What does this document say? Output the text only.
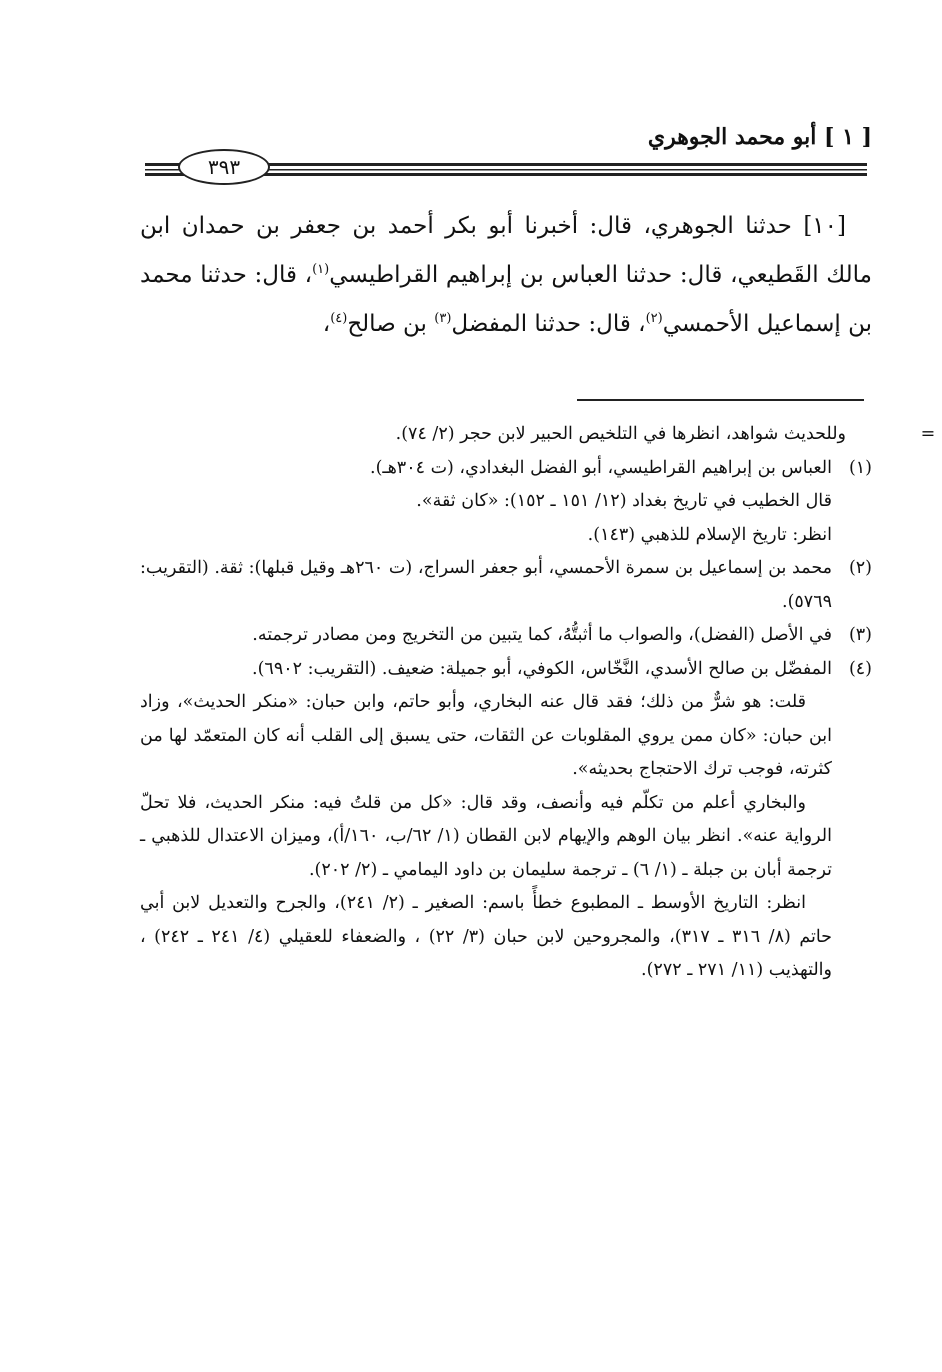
[ ١ ] أبو محمد الجوهري
٣٩٣

[١٠] حدثنا الجوهري، قال: أخبرنا أبو بكر أحمد بن جعفر بن حمدان ابن مالك القَطيعي، قال: حدثنا العباس بن إبراهيم القراطيسي$^{(١)}$، قال: حدثنا محمد بن إسماعيل الأحمسي$^{(٢)}$، قال: حدثنا المفضل$^{(٣)}$ بن صالح$^{(٤)}$،

=
وللحديث شواهد، انظرها في التلخيص الحبير لابن حجر (٢/ ٧٤).
(١)
العباس بن إبراهيم القراطيسي، أبو الفضل البغدادي، (ت ٣٠٤هـ).
قال الخطيب في تاريخ بغداد (١٢/ ١٥١ ـ ١٥٢): «كان ثقة».
انظر: تاريخ الإسلام للذهبي (١٤٣).
(٢)
محمد بن إسماعيل بن سمرة الأحمسي، أبو جعفر السراج، (ت ٢٦٠هـ وقيل قبلها): ثقة. (التقريب: ٥٧٦٩).
(٣)
في الأصل (الفضل)، والصواب ما أثبتُّهُ، كما يتبين من التخريج ومن مصادر ترجمته.
(٤)
المفضّل بن صالح الأسدي، النَّخّاس، الكوفي، أبو جميلة: ضعيف. (التقريب: ٦٩٠٢).
قلت: هو شرٌّ من ذلك؛ فقد قال عنه البخاري، وأبو حاتم، وابن حبان: «منكر الحديث»، وزاد ابن حبان: «كان ممن يروي المقلوبات عن الثقات، حتى يسبق إلى القلب أنه كان المتعمّد لها من كثرته، فوجب ترك الاحتجاج بحديثه».
والبخاري أعلم من تكلّم فيه وأنصف، وقد قال: «كل من قلتُ فيه: منكر الحديث، فلا تحلّ الرواية عنه». انظر بيان الوهم والإيهام لابن القطان (١/ ٦٢/ب، ١٦٠/أ)، وميزان الاعتدال للذهبي ـ ترجمة أبان بن جبلة ـ (١/ ٦) ـ ترجمة سليمان بن داود اليمامي ـ (٢/ ٢٠٢).
انظر: التاريخ الأوسط ـ المطبوع خطأً باسم: الصغير ـ (٢/ ٢٤١)، والجرح والتعديل لابن أبي حاتم (٨/ ٣١٦ ـ ٣١٧)، والمجروحين لابن حبان (٣/ ٢٢) ، والضعفاء للعقيلي (٤/ ٢٤١ ـ ٢٤٢) ، والتهذيب (١١/ ٢٧١ ـ ٢٧٢).
